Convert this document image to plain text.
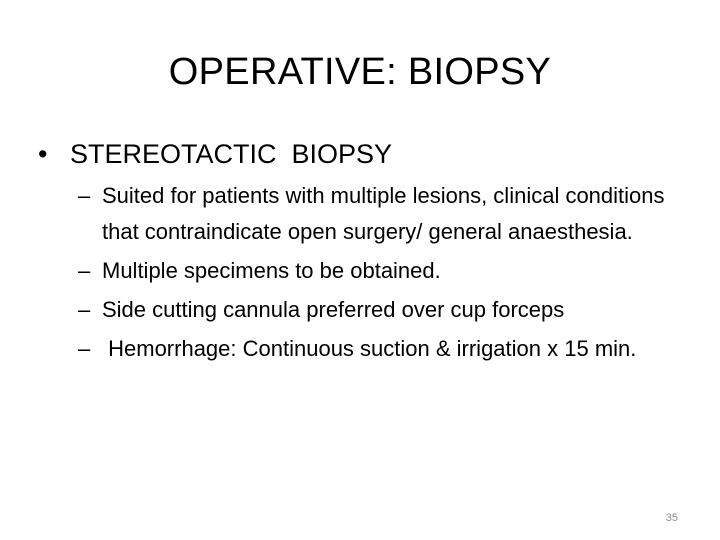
OPERATIVE: BIOPSY
• STEREOTACTIC  BIOPSY
– Suited for patients with multiple lesions, clinical conditions that contraindicate open surgery/ general anaesthesia.
– Multiple specimens to be obtained.
– Side cutting cannula preferred over cup forceps
– Hemorrhage: Continuous suction & irrigation x 15 min.
35
